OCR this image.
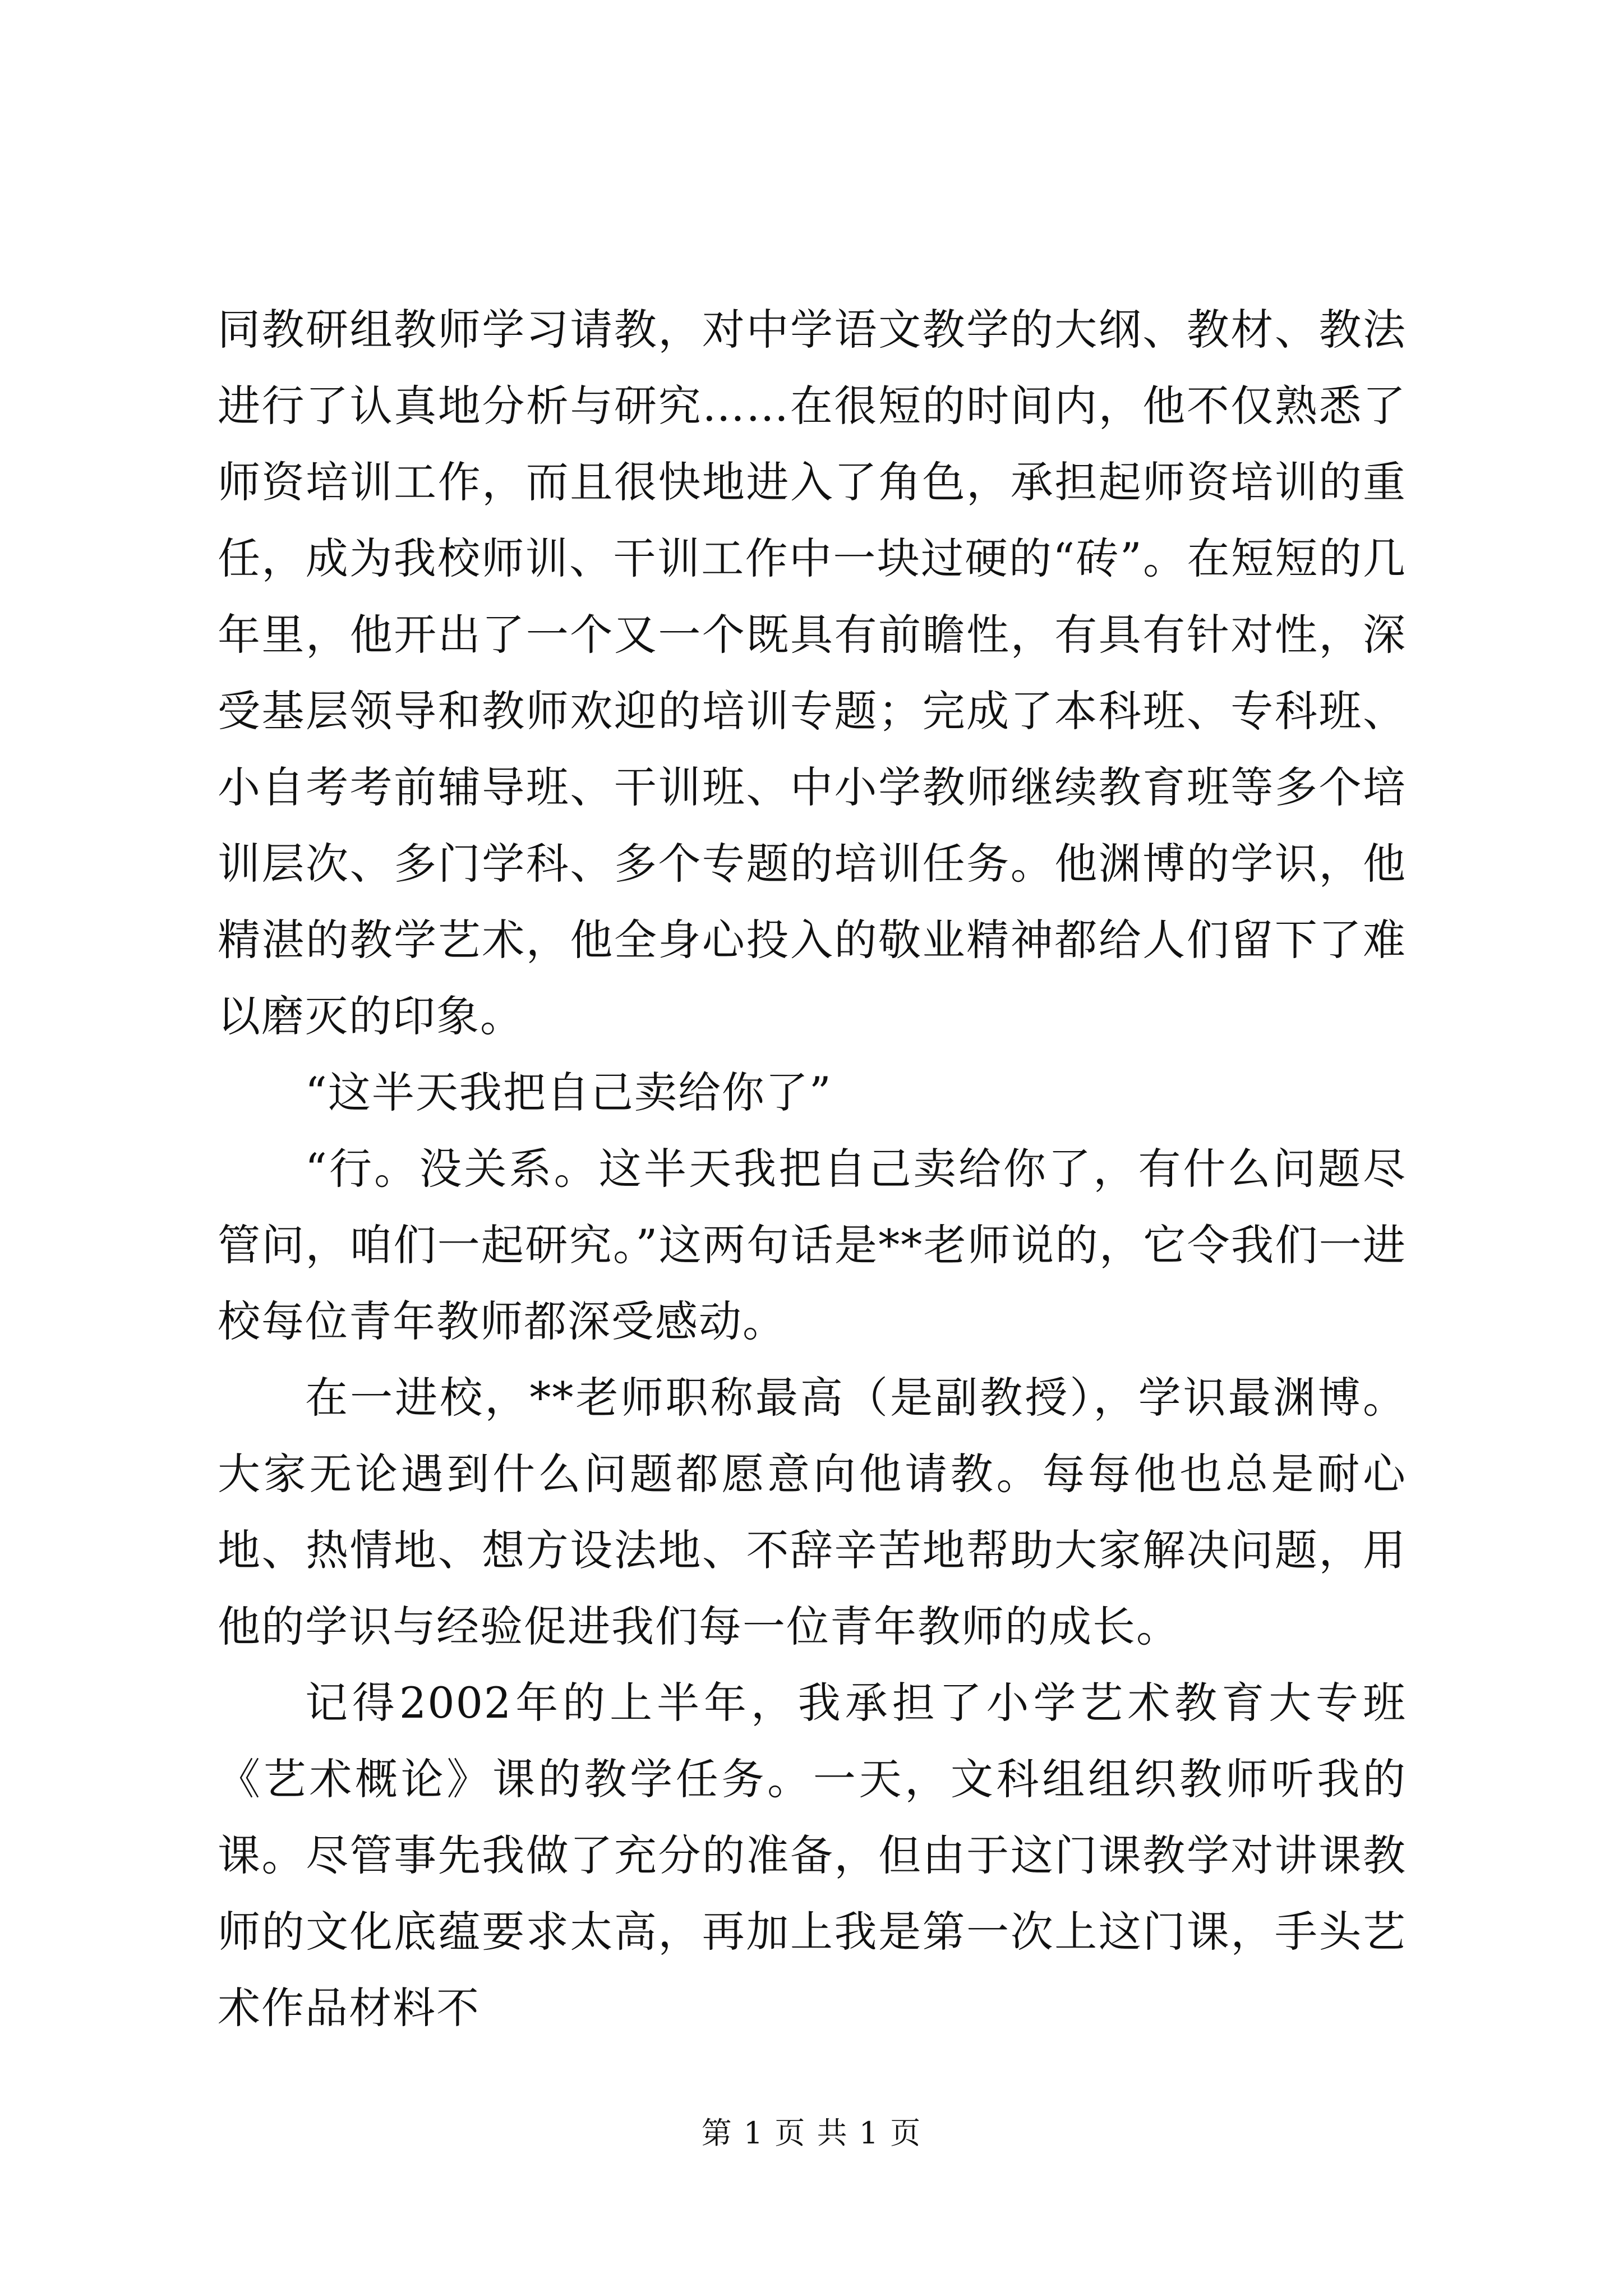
同教研组教师学习请教，对中学语文教学的大纲、教材、教法进行了认真地分析与研究……在很短的时间内，他不仅熟悉了师资培训工作，而且很快地进入了角色，承担起师资培训的重任，成为我校师训、干训工作中一块过硬的“砖”。在短短的几年里，他开出了一个又一个既具有前瞻性，有具有针对性，深受基层领导和教师欢迎的培训专题；完成了本科班、专科班、小自考考前辅导班、干训班、中小学教师继续教育班等多个培训层次、多门学科、多个专题的培训任务。他渊博的学识，他精湛的教学艺术，他全身心投入的敬业精神都给人们留下了难以磨灭的印象。

“这半天我把自己卖给你了”

“行。没关系。这半天我把自己卖给你了，有什么问题尽管问，咱们一起研究。”这两句话是**老师说的，它令我们一进校每位青年教师都深受感动。

在一进校，**老师职称最高（是副教授），学识最渊博。大家无论遇到什么问题都愿意向他请教。每每他也总是耐心地、热情地、想方设法地、不辞辛苦地帮助大家解决问题，用他的学识与经验促进我们每一位青年教师的成长。

记得2002年的上半年，我承担了小学艺术教育大专班《艺术概论》课的教学任务。一天，文科组组织教师听我的课。尽管事先我做了充分的准备，但由于这门课教学对讲课教师的文化底蕴要求太高，再加上我是第一次上这门课，手头艺术作品材料不

第 1 页 共 1 页
